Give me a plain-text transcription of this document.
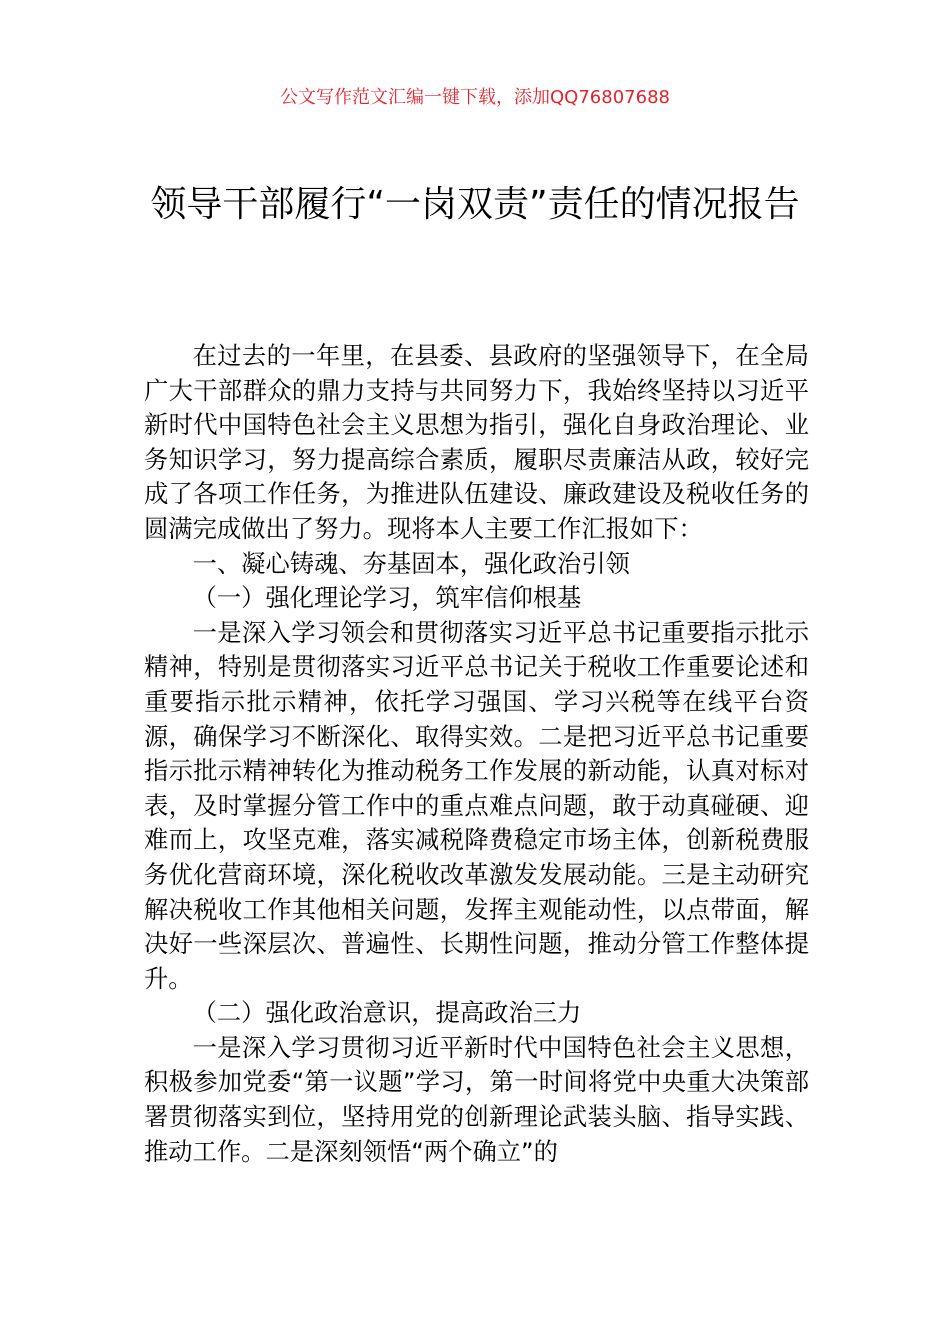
公文写作范文汇编一键下载，添加QQ76807688
领导干部履行“一岗双责”责任的情况报告

在过去的一年里，在县委、县政府的坚强领导下，在全局广大干部群众的鼎力支持与共同努力下，我始终坚持以习近平新时代中国特色社会主义思想为指引，强化自身政治理论、业务知识学习，努力提高综合素质，履职尽责廉洁从政，较好完成了各项工作任务，为推进队伍建设、廉政建设及税收任务的圆满完成做出了努力。现将本人主要工作汇报如下：

一、凝心铸魂、夯基固本，强化政治引领

（一）强化理论学习，筑牢信仰根基

一是深入学习领会和贯彻落实习近平总书记重要指示批示精神，特别是贯彻落实习近平总书记关于税收工作重要论述和重要指示批示精神，依托学习强国、学习兴税等在线平台资源，确保学习不断深化、取得实效。二是把习近平总书记重要指示批示精神转化为推动税务工作发展的新动能，认真对标对表，及时掌握分管工作中的重点难点问题，敢于动真碰硬、迎难而上，攻坚克难，落实减税降费稳定市场主体，创新税费服务优化营商环境，深化税收改革激发发展动能。三是主动研究解决税收工作其他相关问题，发挥主观能动性，以点带面，解决好一些深层次、普遍性、长期性问题，推动分管工作整体提升。

（二）强化政治意识，提高政治三力

一是深入学习贯彻习近平新时代中国特色社会主义思想，积极参加党委“第一议题”学习，第一时间将党中央重大决策部署贯彻落实到位，坚持用党的创新理论武装头脑、指导实践、推动工作。二是深刻领悟“两个确立”的
